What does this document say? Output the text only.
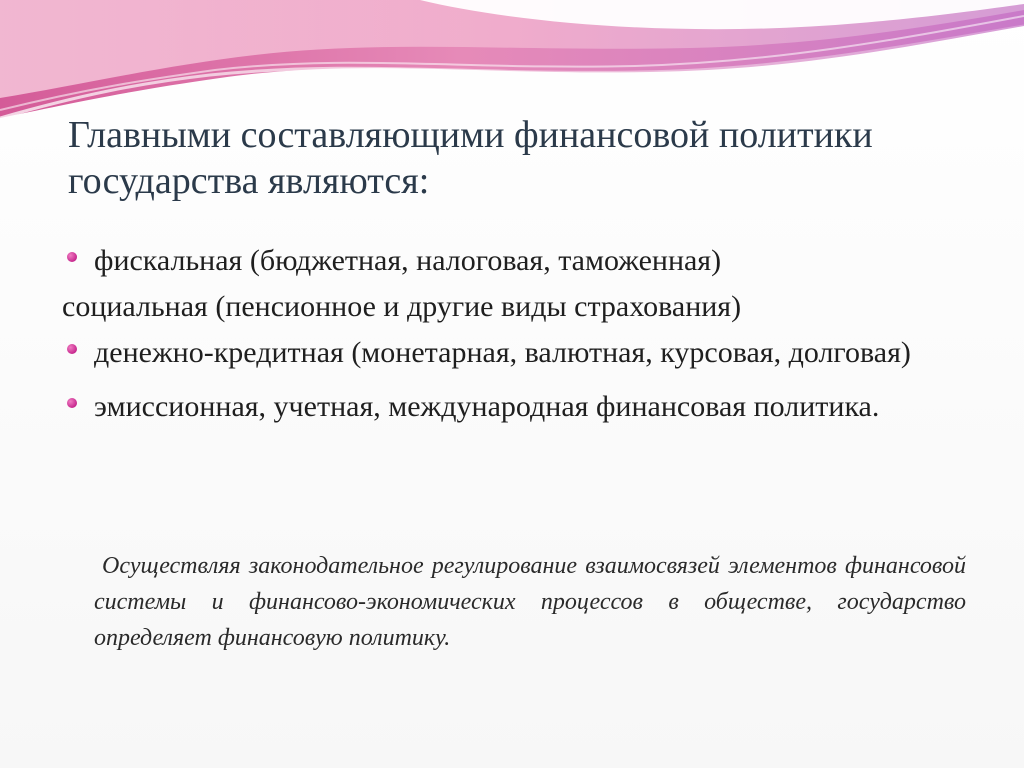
Главными составляющими финансовой политики государства являются:
фискальная (бюджетная, налоговая, таможенная)
социальная (пенсионное и другие виды страхования)
денежно-кредитная (монетарная, валютная, курсовая, долговая)
эмиссионная, учетная, международная финансовая политика.
Осуществляя законодательное регулирование взаимосвязей элементов финансовой системы и финансово-экономических процессов в обществе, государство определяет финансовую политику.
